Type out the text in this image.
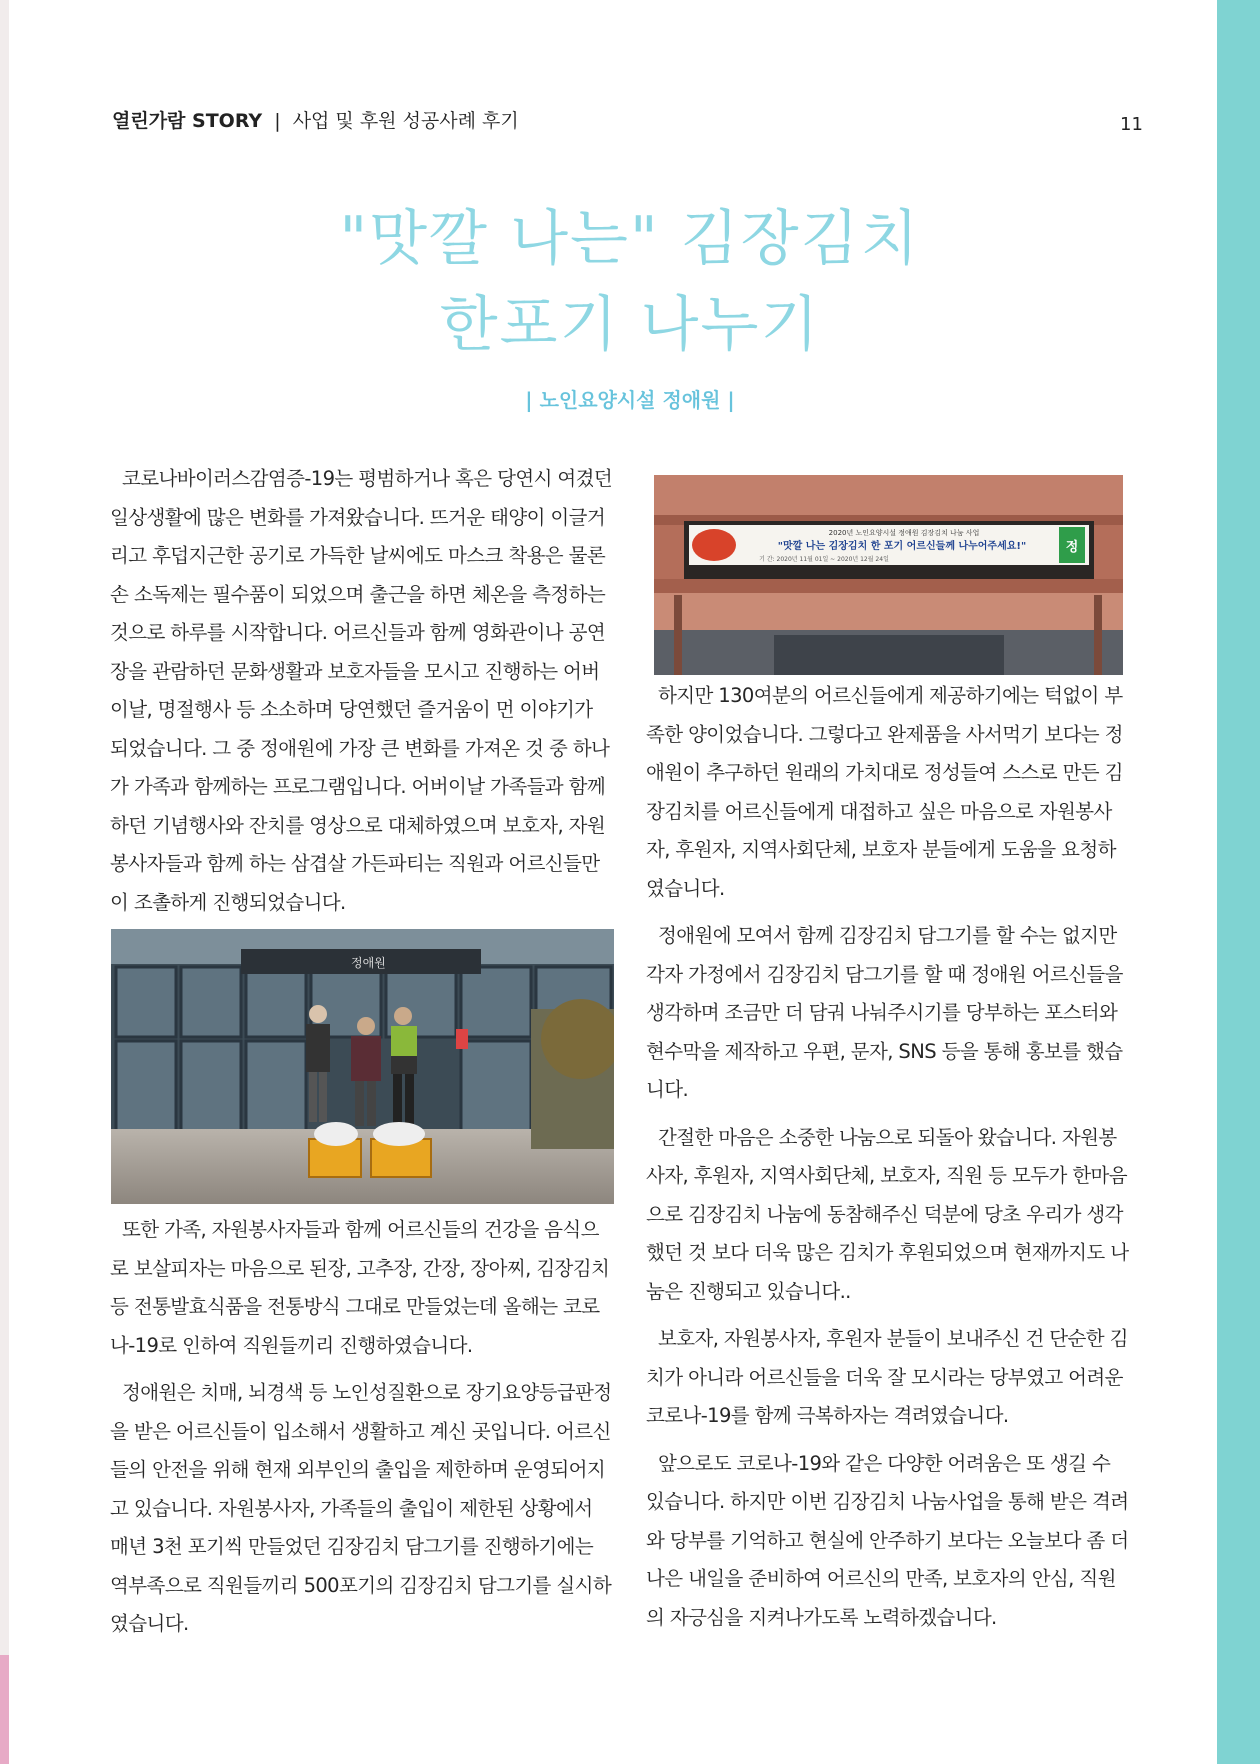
열린가람 STORY | 사업 및 후원 성공사례 후기	11
"맛깔 나는" 김장김치
한포기 나누기
| 노인요양시설 정애원 |

코로나바이러스감염증-19는 평범하거나 혹은 당연시 여겼던 일상생활에 많은 변화를 가져왔습니다. 뜨거운 태양이 이글거리고 후덥지근한 공기로 가득한 날씨에도 마스크 착용은 물론 손 소독제는 필수품이 되었으며 출근을 하면 체온을 측정하는 것으로 하루를 시작합니다. 어르신들과 함께 영화관이나 공연장을 관람하던 문화생활과 보호자들을 모시고 진행하는 어버이날, 명절행사 등 소소하며 당연했던 즐거움이 먼 이야기가 되었습니다. 그 중 정애원에 가장 큰 변화를 가져온 것 중 하나가 가족과 함께하는 프로그램입니다. 어버이날 가족들과 함께하던 기념행사와 잔치를 영상으로 대체하였으며 보호자, 자원봉사자들과 함께 하는 삼겹살 가든파티는 직원과 어르신들만이 조촐하게 진행되었습니다.

정애원

또한 가족, 자원봉사자들과 함께 어르신들의 건강을 음식으로 보살피자는 마음으로 된장, 고추장, 간장, 장아찌, 김장김치 등 전통발효식품을 전통방식 그대로 만들었는데 올해는 코로나-19로 인하여 직원들끼리 진행하였습니다.

정애원은 치매, 뇌경색 등 노인성질환으로 장기요양등급판정을 받은 어르신들이 입소해서 생활하고 계신 곳입니다. 어르신들의 안전을 위해 현재 외부인의 출입을 제한하며 운영되어지고 있습니다. 자원봉사자, 가족들의 출입이 제한된 상황에서 매년 3천 포기씩 만들었던 김장김치 담그기를 진행하기에는 역부족으로 직원들끼리 500포기의 김장김치 담그기를 실시하였습니다.

2020년 노인요양시설 정애원 김장김치 나눔 사업
"맛깔 나는 김장김치 한 포기 어르신들께 나누어주세요!"
기 간: 2020년 11월 01일 ~ 2020년 12월 24일
정

하지만 130여분의 어르신들에게 제공하기에는 턱없이 부족한 양이었습니다. 그렇다고 완제품을 사서먹기 보다는 정애원이 추구하던 원래의 가치대로 정성들여 스스로 만든 김장김치를 어르신들에게 대접하고 싶은 마음으로 자원봉사자, 후원자, 지역사회단체, 보호자 분들에게 도움을 요청하였습니다.

정애원에 모여서 함께 김장김치 담그기를 할 수는 없지만 각자 가정에서 김장김치 담그기를 할 때 정애원 어르신들을 생각하며 조금만 더 담궈 나눠주시기를 당부하는 포스터와 현수막을 제작하고 우편, 문자, SNS 등을 통해 홍보를 했습니다.

간절한 마음은 소중한 나눔으로 되돌아 왔습니다. 자원봉사자, 후원자, 지역사회단체, 보호자, 직원 등 모두가 한마음으로 김장김치 나눔에 동참해주신 덕분에 당초 우리가 생각했던 것 보다 더욱 많은 김치가 후원되었으며 현재까지도 나눔은 진행되고 있습니다..

보호자, 자원봉사자, 후원자 분들이 보내주신 건 단순한 김치가 아니라 어르신들을 더욱 잘 모시라는 당부였고 어려운 코로나-19를 함께 극복하자는 격려였습니다.

앞으로도 코로나-19와 같은 다양한 어려움은 또 생길 수 있습니다. 하지만 이번 김장김치 나눔사업을 통해 받은 격려와 당부를 기억하고 현실에 안주하기 보다는 오늘보다 좀 더 나은 내일을 준비하여 어르신의 만족, 보호자의 안심, 직원의 자긍심을 지켜나가도록 노력하겠습니다.
